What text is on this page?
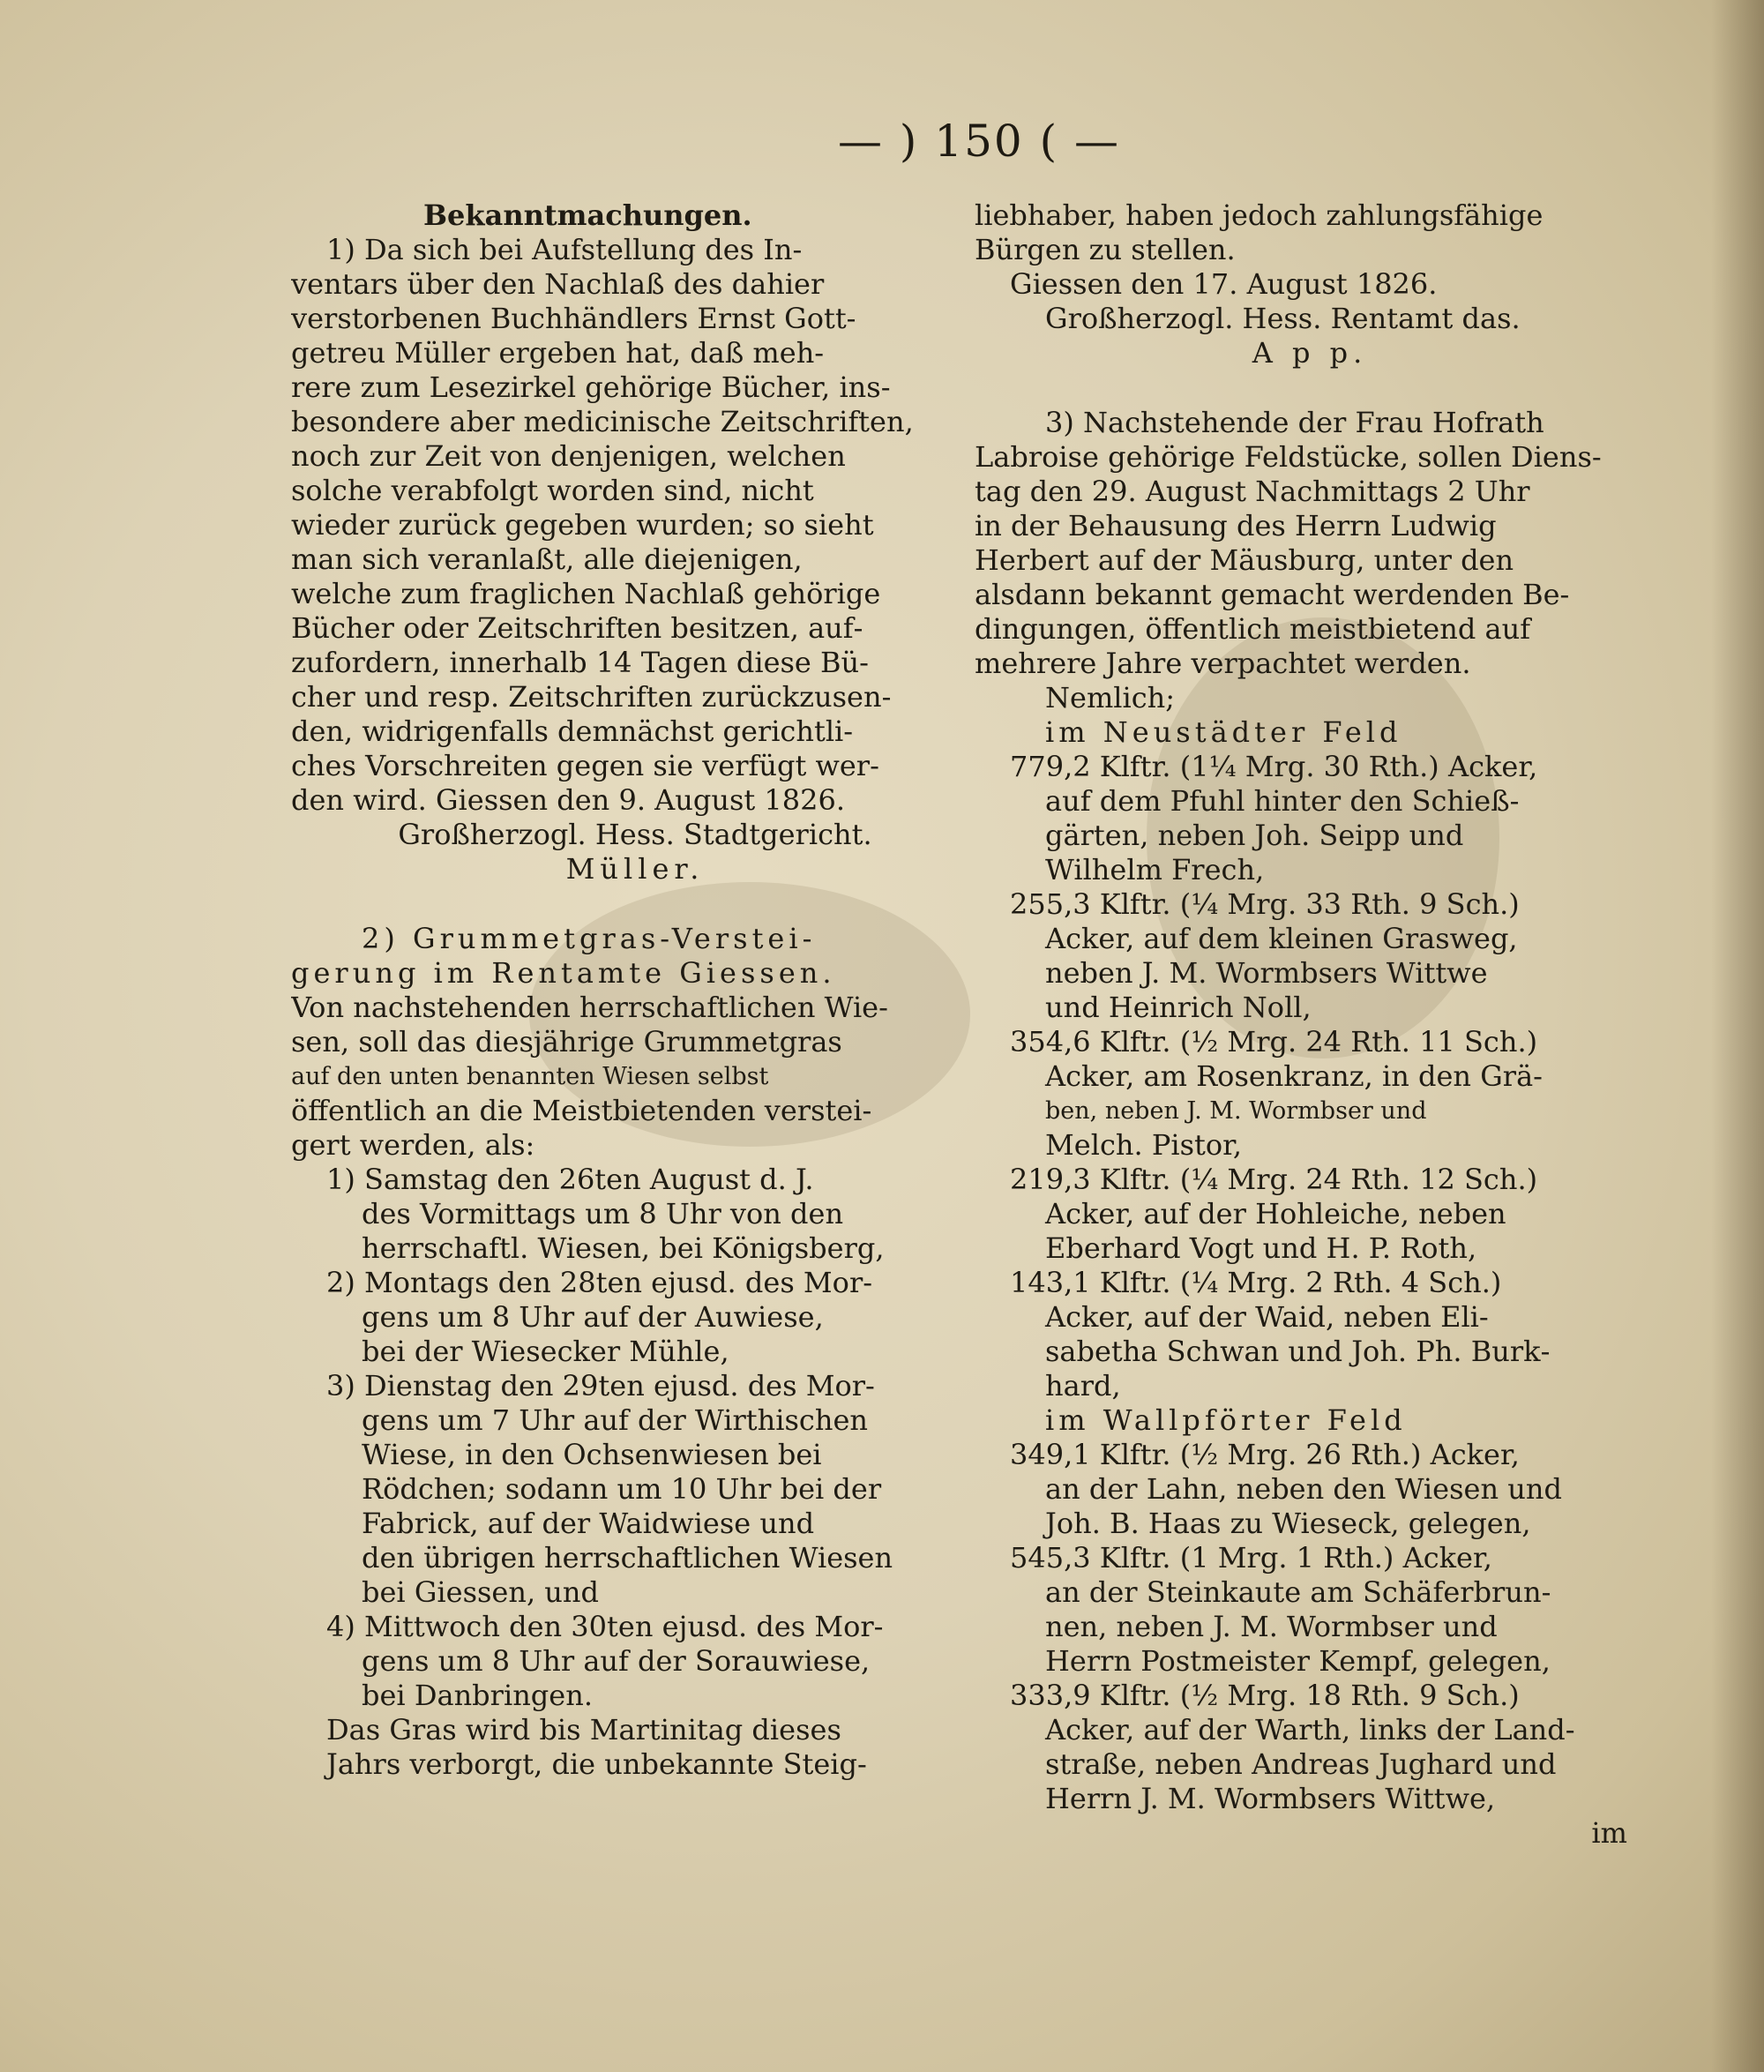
— ) 150 ( —
Bekanntmachungen.
1) Da sich bei Aufstellung des In‐
ventars über den Nachlaß des dahier
verstorbenen Buchhändlers Ernst Gott‐
getreu Müller ergeben hat, daß meh‐
rere zum Lesezirkel gehörige Bücher, ins‐
besondere aber medicinische Zeitschriften,
noch zur Zeit von denjenigen, welchen
solche verabfolgt worden sind, nicht
wieder zurück gegeben wurden; so sieht
man sich veranlaßt, alle diejenigen,
welche zum fraglichen Nachlaß gehörige
Bücher oder Zeitschriften besitzen, auf‐
zufordern, innerhalb 14 Tagen diese Bü‐
cher und resp. Zeitschriften zurückzusen‐
den, widrigenfalls demnächst gerichtli‐
ches Vorschreiten gegen sie verfügt wer‐
den wird. Giessen den 9. August 1826.
Großherzogl. Hess. Stadtgericht.
Müller.
2) Grummetgras‐Verstei‐
gerung im Rentamte Giessen.
Von nachstehenden herrschaftlichen Wie‐
sen, soll das diesjährige Grummetgras
auf den unten benannten Wiesen selbst
öffentlich an die Meistbietenden verstei‐
gert werden, als:
1) Samstag den 26ten August d. J.
des Vormittags um 8 Uhr von den
herrschaftl. Wiesen, bei Königsberg,
2) Montags den 28ten ejusd. des Mor‐
gens um 8 Uhr auf der Auwiese,
bei der Wiesecker Mühle,
3) Dienstag den 29ten ejusd. des Mor‐
gens um 7 Uhr auf der Wirthischen
Wiese, in den Ochsenwiesen bei
Rödchen; sodann um 10 Uhr bei der
Fabrick, auf der Waidwiese und
den übrigen herrschaftlichen Wiesen
bei Giessen, und
4) Mittwoch den 30ten ejusd. des Mor‐
gens um 8 Uhr auf der Sorauwiese,
bei Danbringen.
Das Gras wird bis Martinitag dieses
Jahrs verborgt, die unbekannte Steig‐
liebhaber, haben jedoch zahlungsfähige
Bürgen zu stellen.
Giessen den 17. August 1826.
Großherzogl. Hess. Rentamt das.
A p p.
3) Nachstehende der Frau Hofrath
Labroise gehörige Feldstücke, sollen Diens‐
tag den 29. August Nachmittags 2 Uhr
in der Behausung des Herrn Ludwig
Herbert auf der Mäusburg, unter den
alsdann bekannt gemacht werdenden Be‐
dingungen, öffentlich meistbietend auf
mehrere Jahre verpachtet werden.
Nemlich;
im Neustädter Feld
779,2 Klftr. (1¼ Mrg. 30 Rth.) Acker,
auf dem Pfuhl hinter den Schieß‐
gärten, neben Joh. Seipp und
Wilhelm Frech,
255,3 Klftr. (¼ Mrg. 33 Rth. 9 Sch.)
Acker, auf dem kleinen Grasweg,
neben J. M. Wormbsers Wittwe
und Heinrich Noll,
354,6 Klftr. (½ Mrg. 24 Rth. 11 Sch.)
Acker, am Rosenkranz, in den Grä‐
ben, neben J. M. Wormbser und
Melch. Pistor,
219,3 Klftr. (¼ Mrg. 24 Rth. 12 Sch.)
Acker, auf der Hohleiche, neben
Eberhard Vogt und H. P. Roth,
143,1 Klftr. (¼ Mrg. 2 Rth. 4 Sch.)
Acker, auf der Waid, neben Eli‐
sabetha Schwan und Joh. Ph. Burk‐
hard,
im Wallpförter Feld
349,1 Klftr. (½ Mrg. 26 Rth.) Acker,
an der Lahn, neben den Wiesen und
Joh. B. Haas zu Wieseck, gelegen,
545,3 Klftr. (1 Mrg. 1 Rth.) Acker,
an der Steinkaute am Schäferbrun‐
nen, neben J. M. Wormbser und
Herrn Postmeister Kempf, gelegen,
333,9 Klftr. (½ Mrg. 18 Rth. 9 Sch.)
Acker, auf der Warth, links der Land‐
straße, neben Andreas Jughard und
Herrn J. M. Wormbsers Wittwe,
im
